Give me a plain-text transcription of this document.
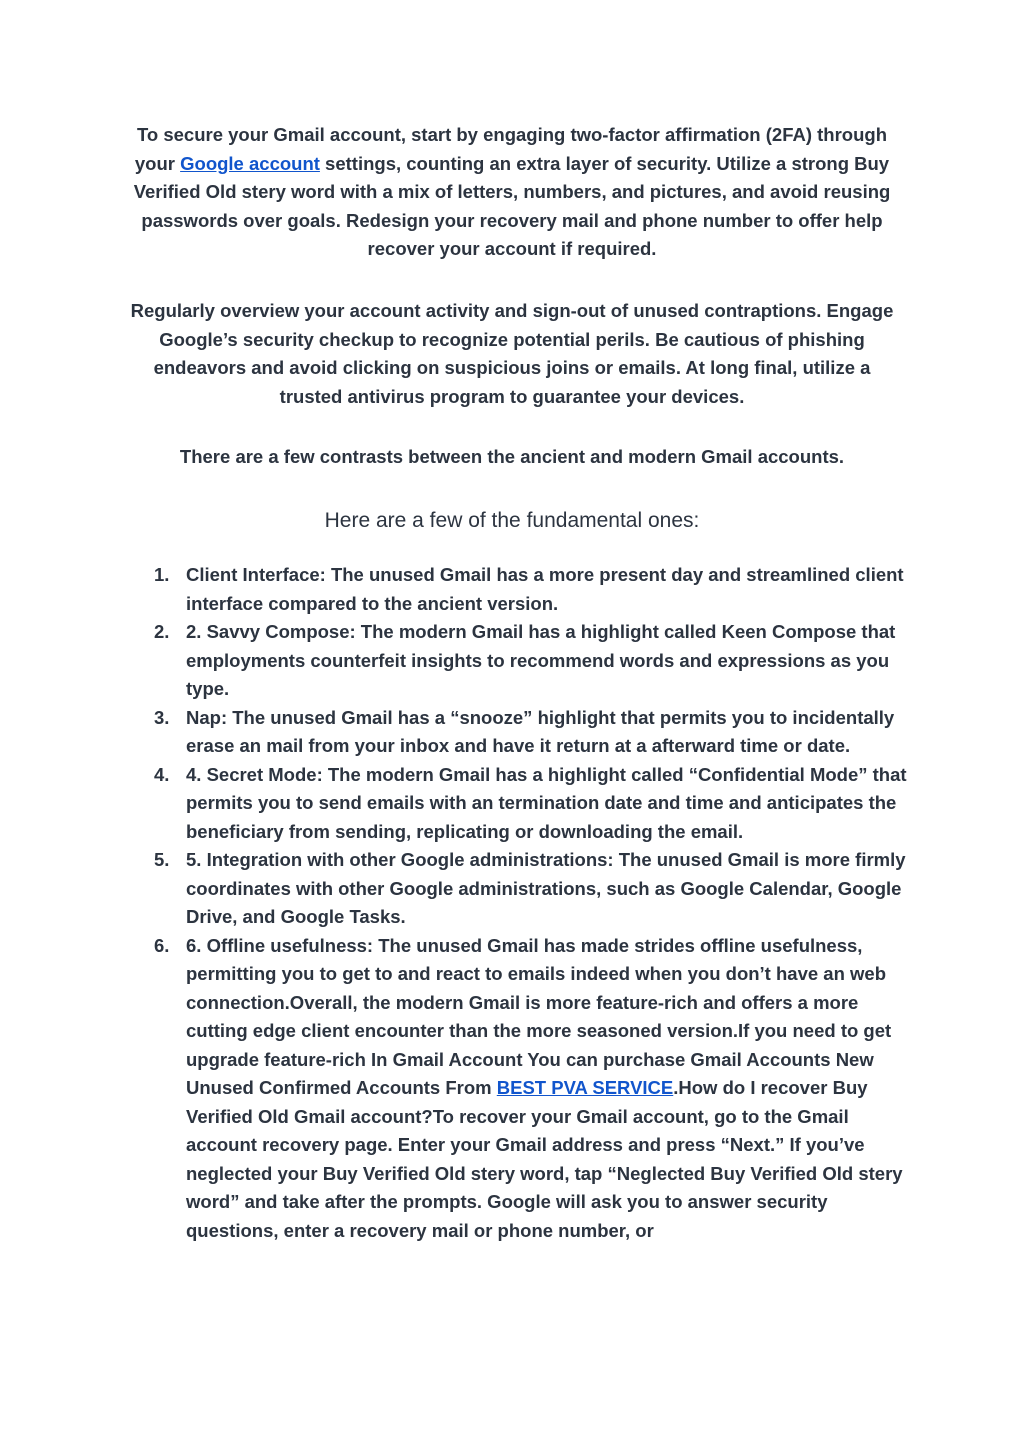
To secure your Gmail account, start by engaging two-factor affirmation (2FA) through your Google account settings, counting an extra layer of security. Utilize a strong Buy Verified Old stery word with a mix of letters, numbers, and pictures, and avoid reusing passwords over goals. Redesign your recovery mail and phone number to offer help recover your account if required.

Regularly overview your account activity and sign-out of unused contraptions. Engage Google’s security checkup to recognize potential perils. Be cautious of phishing endeavors and avoid clicking on suspicious joins or emails. At long final, utilize a trusted antivirus program to guarantee your devices.

There are a few contrasts between the ancient and modern Gmail accounts.

Here are a few of the fundamental ones:
1. Client Interface: The unused Gmail has a more present day and streamlined client interface compared to the ancient version.
2. 2. Savvy Compose: The modern Gmail has a highlight called Keen Compose that employments counterfeit insights to recommend words and expressions as you type.
3. Nap: The unused Gmail has a “snooze” highlight that permits you to incidentally erase an mail from your inbox and have it return at a afterward time or date.
4. 4. Secret Mode: The modern Gmail has a highlight called “Confidential Mode” that permits you to send emails with an termination date and time and anticipates the beneficiary from sending, replicating or downloading the email.
5. 5. Integration with other Google administrations: The unused Gmail is more firmly coordinates with other Google administrations, such as Google Calendar, Google Drive, and Google Tasks.
6. 6. Offline usefulness: The unused Gmail has made strides offline usefulness, permitting you to get to and react to emails indeed when you don’t have an web connection.Overall, the modern Gmail is more feature-rich and offers a more cutting edge client encounter than the more seasoned version.If you need to get upgrade feature-rich In Gmail Account You can purchase Gmail Accounts New Unused Confirmed Accounts From BEST PVA SERVICE.How do I recover Buy Verified Old Gmail account?To recover your Gmail account, go to the Gmail account recovery page. Enter your Gmail address and press “Next.” If you’ve neglected your Buy Verified Old stery word, tap “Neglected Buy Verified Old stery word” and take after the prompts. Google will ask you to answer security questions, enter a recovery mail or phone number, or
